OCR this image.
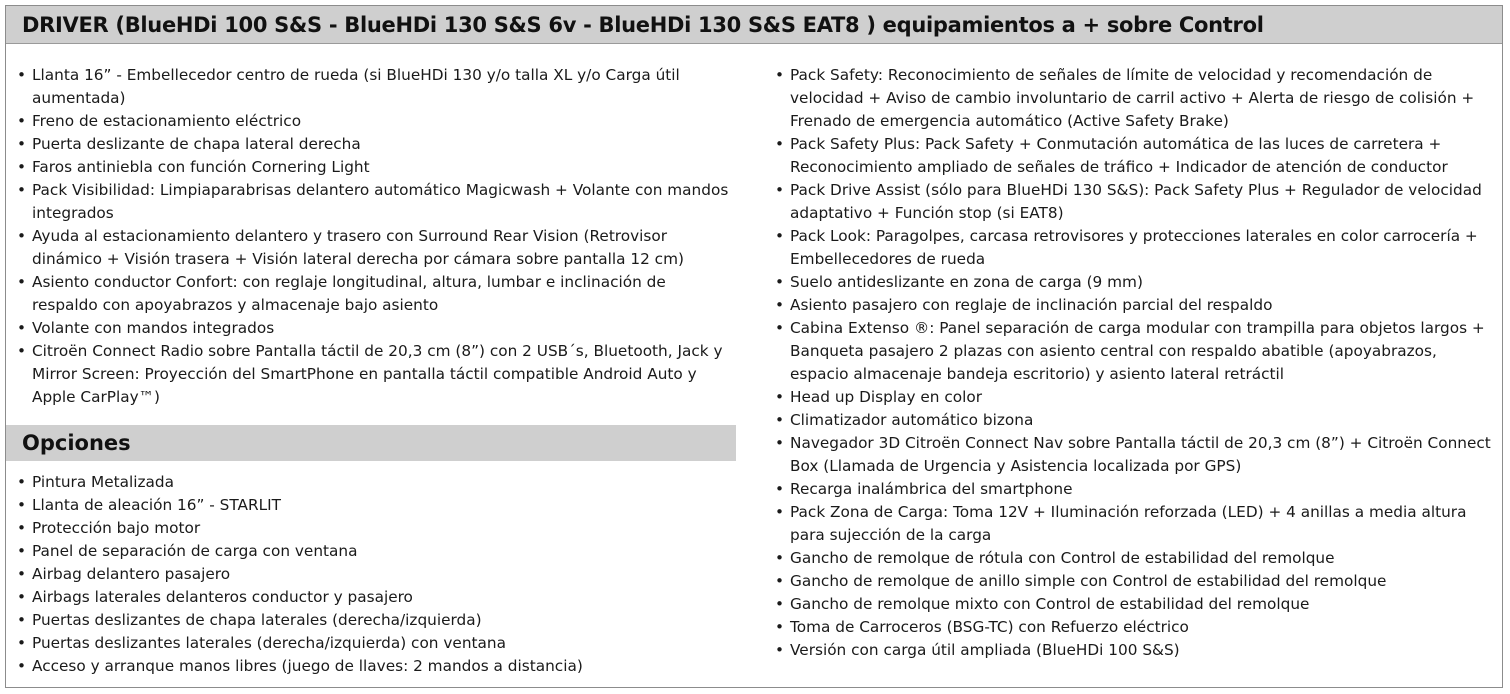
DRIVER (BlueHDi 100 S&S - BlueHDi 130 S&S 6v - BlueHDi 130 S&S EAT8 ) equipamientos a + sobre Control
• Llanta 16” - Embellecedor centro de rueda (si BlueHDi 130 y/o talla XL y/o Carga útil aumentada)
• Freno de estacionamiento eléctrico
• Puerta deslizante de chapa lateral derecha
• Faros antiniebla con función Cornering Light
• Pack Visibilidad: Limpiaparabrisas delantero automático Magicwash + Volante con mandos integrados
• Ayuda al estacionamiento delantero y trasero con Surround Rear Vision (Retrovisor dinámico + Visión trasera + Visión lateral derecha por cámara sobre pantalla 12 cm)
• Asiento conductor Confort: con reglaje longitudinal, altura, lumbar e inclinación de respaldo con apoyabrazos y almacenaje bajo asiento
• Volante con mandos integrados
• Citroën Connect Radio sobre Pantalla táctil de 20,3 cm (8”) con 2 USB´s, Bluetooth, Jack y Mirror Screen: Proyección del SmartPhone en pantalla táctil compatible Android Auto y Apple CarPlay™)
Opciones
• Pintura Metalizada
• Llanta de aleación 16” - STARLIT
• Protección bajo motor
• Panel de separación de carga con ventana
• Airbag delantero pasajero
• Airbags laterales delanteros conductor y pasajero
• Puertas deslizantes de chapa laterales (derecha/izquierda)
• Puertas deslizantes laterales (derecha/izquierda) con ventana
• Acceso y arranque manos libres (juego de llaves: 2 mandos a distancia)
• Pack Safety: Reconocimiento de señales de límite de velocidad y recomendación de velocidad + Aviso de cambio involuntario de carril activo + Alerta de riesgo de colisión + Frenado de emergencia automático (Active Safety Brake)
• Pack Safety Plus: Pack Safety + Conmutación automática de las luces de carretera + Reconocimiento ampliado de señales de tráfico + Indicador de atención de conductor
• Pack Drive Assist (sólo para BlueHDi 130 S&S): Pack Safety Plus + Regulador de velocidad adaptativo + Función stop (si EAT8)
• Pack Look: Paragolpes, carcasa retrovisores y protecciones laterales en color carrocería + Embellecedores de rueda
• Suelo antideslizante en zona de carga (9 mm)
• Asiento pasajero con reglaje de inclinación parcial del respaldo
• Cabina Extenso ®: Panel separación de carga modular con trampilla para objetos largos + Banqueta pasajero 2 plazas con asiento central con respaldo abatible (apoyabrazos, espacio almacenaje bandeja escritorio) y asiento lateral retráctil
• Head up Display en color
• Climatizador automático bizona
• Navegador 3D Citroën Connect Nav sobre Pantalla táctil de 20,3 cm (8”) + Citroën Connect Box (Llamada de Urgencia y Asistencia localizada por GPS)
• Recarga inalámbrica del smartphone
• Pack Zona de Carga: Toma 12V + Iluminación reforzada (LED) + 4 anillas a media altura para sujección de la carga
• Gancho de remolque de rótula con Control de estabilidad del remolque
• Gancho de remolque de anillo simple con Control de estabilidad del remolque
• Gancho de remolque mixto con Control de estabilidad del remolque
• Toma de Carroceros (BSG-TC) con Refuerzo eléctrico
• Versión con carga útil ampliada (BlueHDi 100 S&S)
